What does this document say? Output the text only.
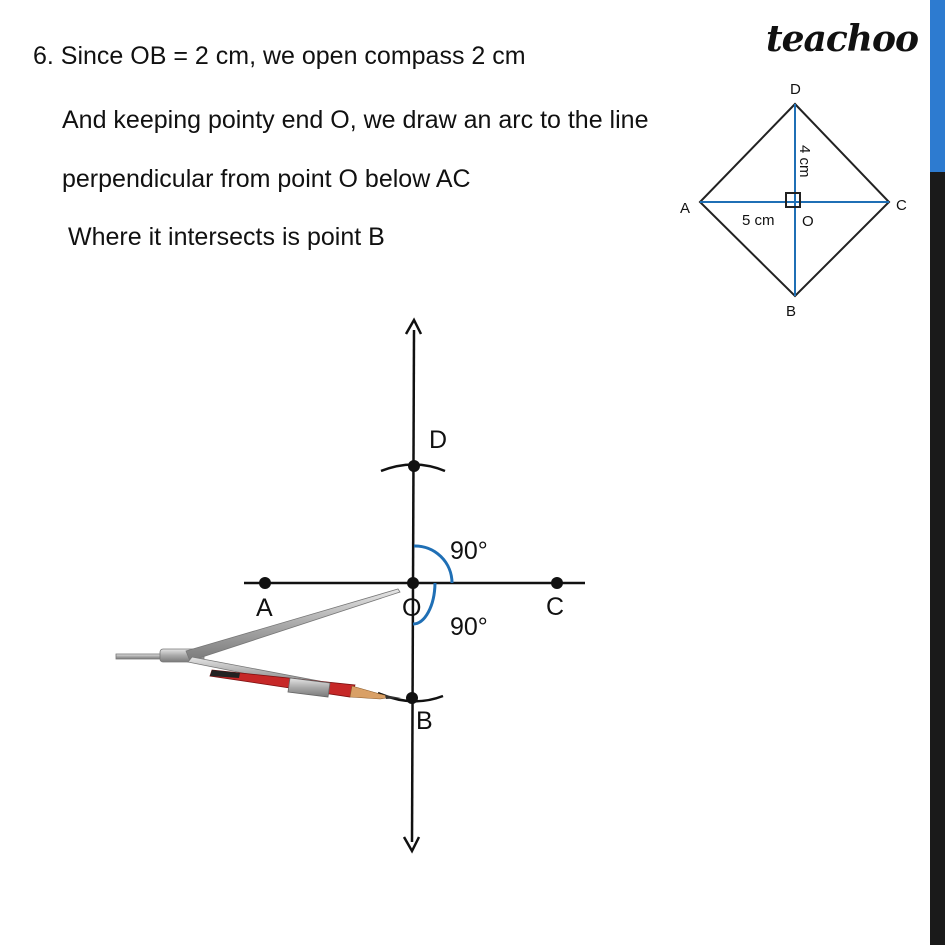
6. Since OB = 2 cm, we open compass 2 cm
And keeping pointy end O, we draw an arc to the line
perpendicular from point O below AC
Where it intersects is point B
teachoo
D
C
A
B
O
5 cm
4 cm
A	O	C
D
B
90°
90°
